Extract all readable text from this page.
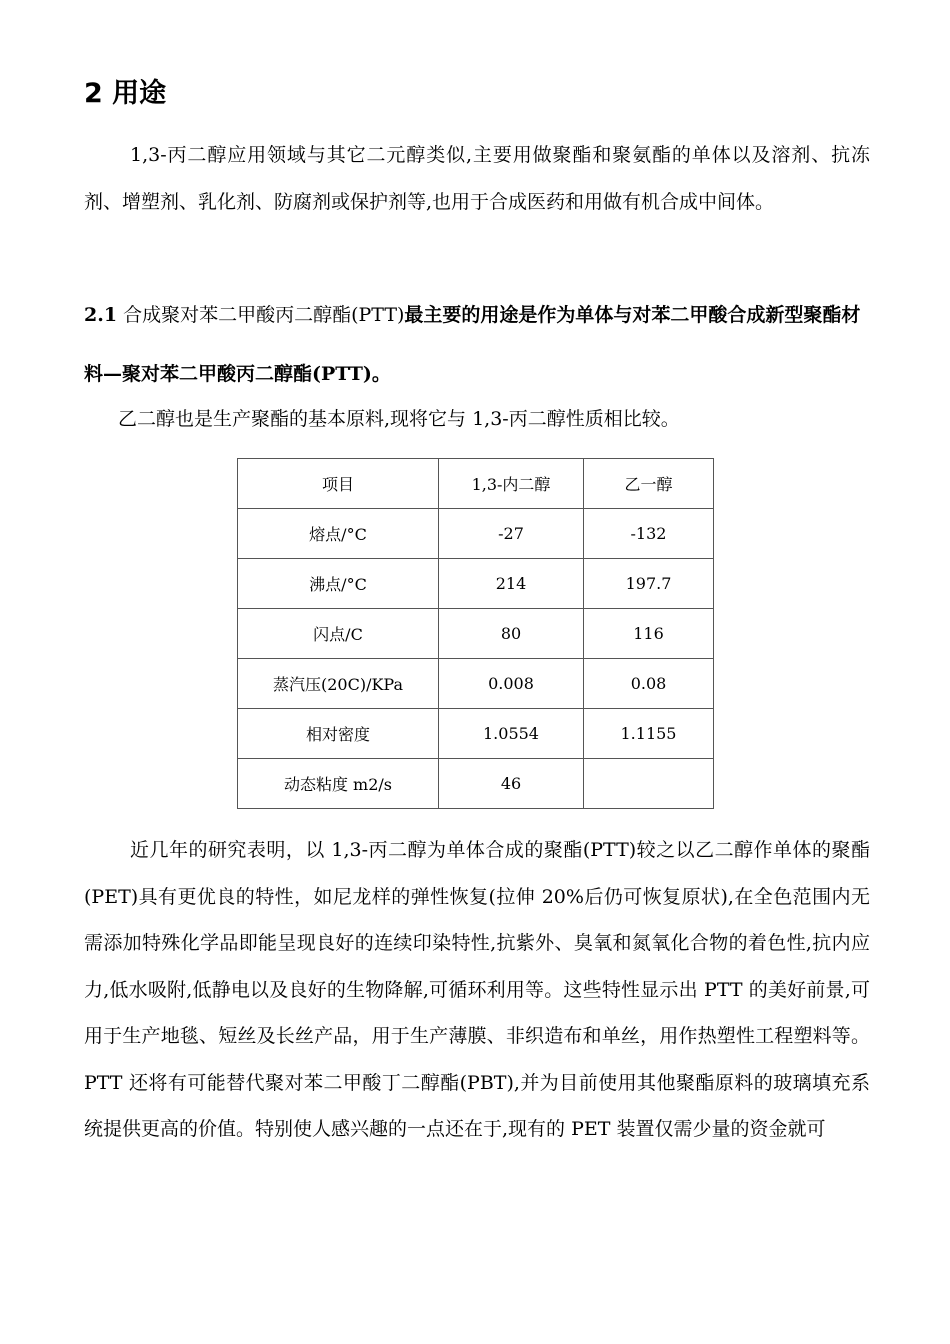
2 用途

1,3-丙二醇应用领域与其它二元醇类似,主要用做聚酯和聚氨酯的单体以及溶剂、抗冻剂、增塑剂、乳化剂、防腐剂或保护剂等,也用于合成医药和用做有机合成中间体。

2.1 合成聚对苯二甲酸丙二醇酯(PTT)最主要的用途是作为单体与对苯二甲酸合成新型聚酯材料—聚对苯二甲酸丙二醇酯(PTT)。

乙二醇也是生产聚酯的基本原料,现将它与 1,3-丙二醇性质相比较。
项目	1,3-内二醇	乙一醇
熔点/°C	-27	-132
沸点/°C	214	197.7
闪点/C	80	116
蒸汽压(20C)/KPa	0.008	0.08
相对密度	1.0554	1.1155
动态粘度 m2/s	46	

近几年的研究表明，以 1,3-丙二醇为单体合成的聚酯(PTT)较之以乙二醇作单体的聚酯(PET)具有更优良的特性，如尼龙样的弹性恢复(拉伸 20%后仍可恢复原状),在全色范围内无需添加特殊化学品即能呈现良好的连续印染特性,抗紫外、臭氧和氮氧化合物的着色性,抗内应力,低水吸附,低静电以及良好的生物降解,可循环利用等。这些特性显示出 PTT 的美好前景,可用于生产地毯、短丝及长丝产品，用于生产薄膜、非织造布和单丝，用作热塑性工程塑料等。PTT 还将有可能替代聚对苯二甲酸丁二醇酯(PBT),并为目前使用其他聚酯原料的玻璃填充系统提供更高的价值。特别使人感兴趣的一点还在于,现有的 PET 装置仅需少量的资金就可
